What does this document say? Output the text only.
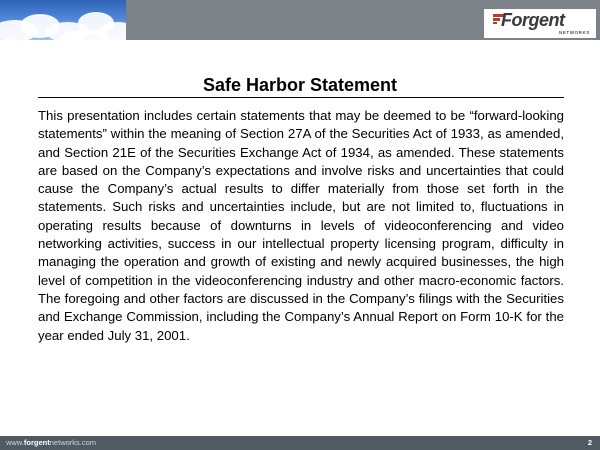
Forgent
NETWORKS
Safe Harbor Statement

This presentation includes certain statements that may be deemed to be “forward-looking statements” within the meaning of Section 27A of the Securities Act of 1933, as amended, and Section 21E of the Securities Exchange Act of 1934, as amended. These statements are based on the Company’s expectations and involve risks and uncertainties that could cause the Company’s actual results to differ materially from those set forth in the statements. Such risks and uncertainties include, but are not limited to, fluctuations in operating results because of downturns in levels of videoconferencing and video networking activities, success in our intellectual property licensing program, difficulty in managing the operation and growth of existing and newly acquired businesses, the high level of competition in the videoconferencing industry and other macro-economic factors. The foregoing and other factors are discussed in the Company’s filings with the Securities and Exchange Commission, including the Company’s Annual Report on Form 10-K for the year ended July 31, 2001.

www.forgentnetworks.com	2
